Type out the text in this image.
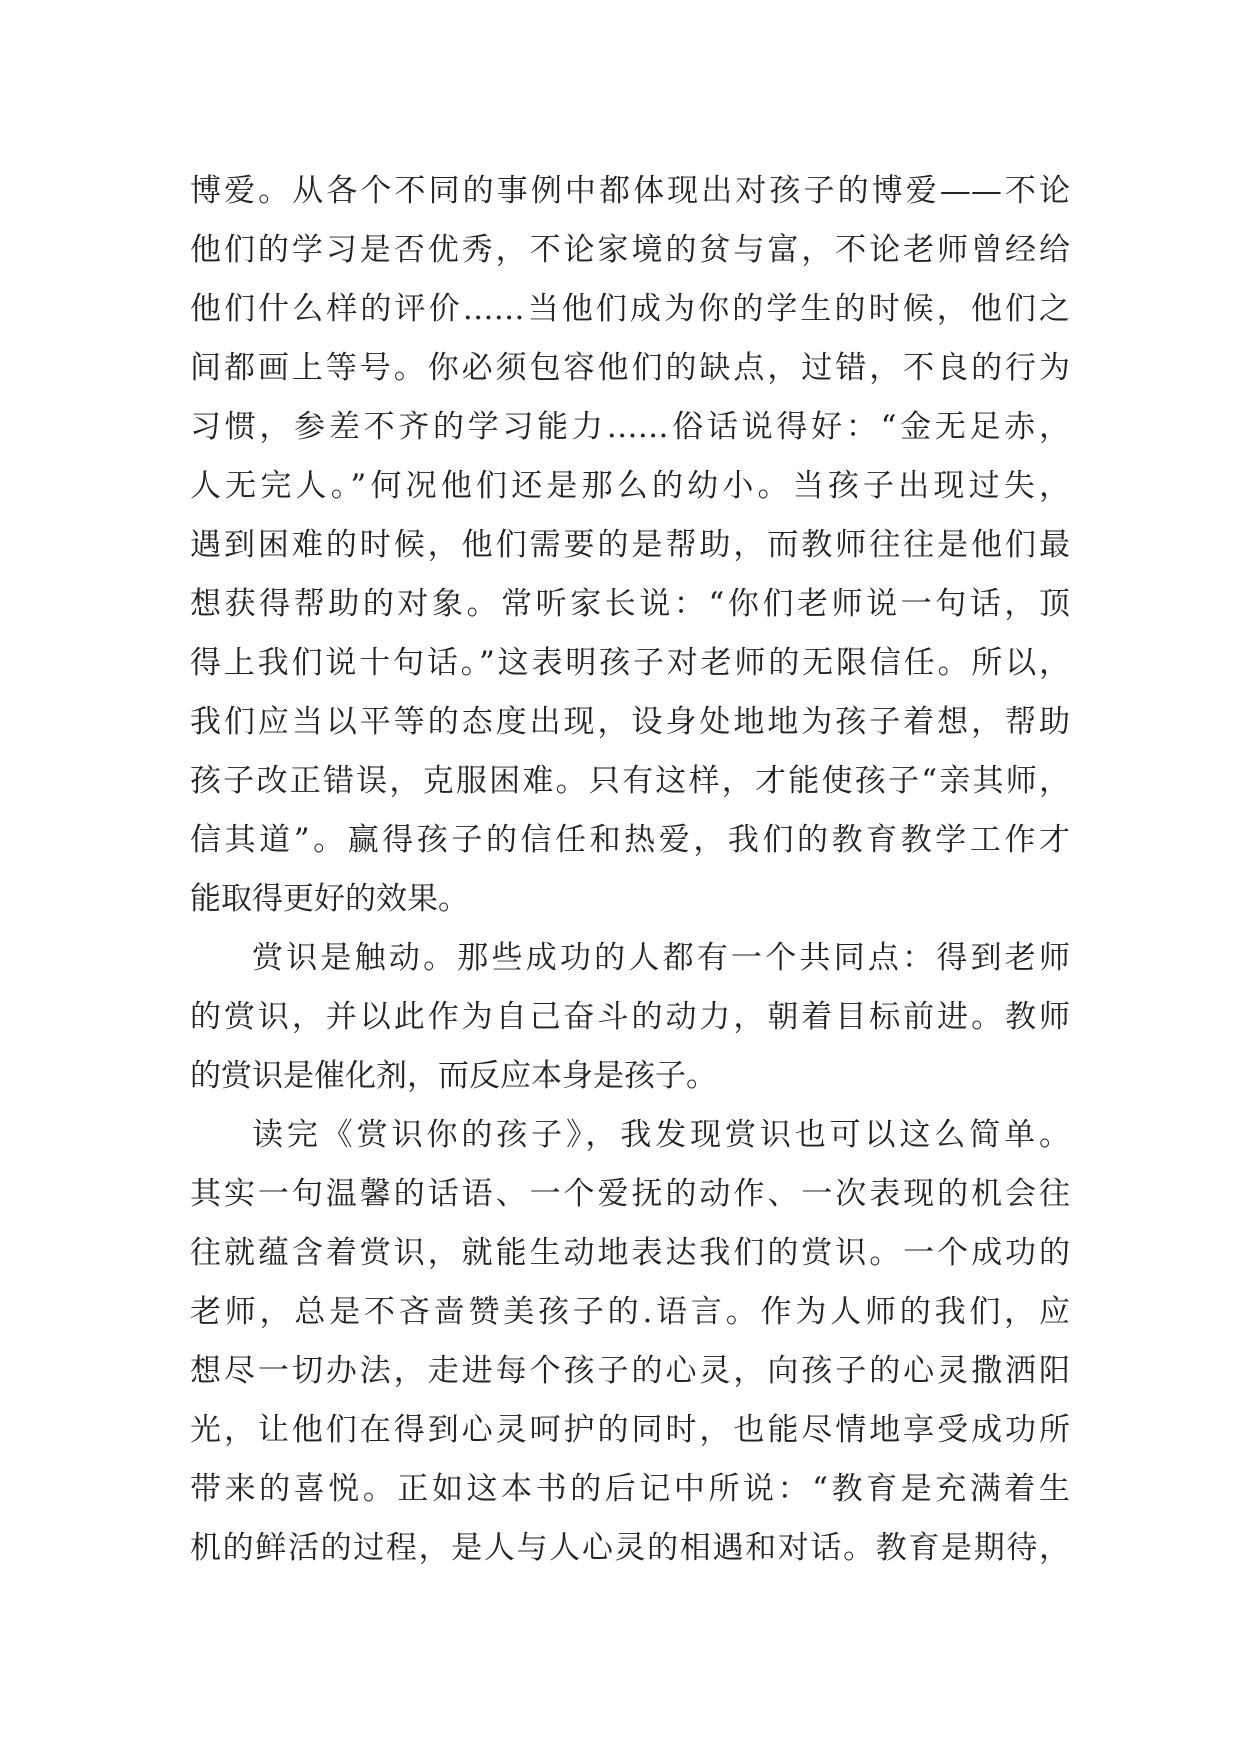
博爱。从各个不同的事例中都体现出对孩子的博爱——不论
他们的学习是否优秀，不论家境的贫与富，不论老师曾经给
他们什么样的评价……当他们成为你的学生的时候，他们之
间都画上等号。你必须包容他们的缺点，过错，不良的行为
习惯，参差不齐的学习能力……俗话说得好：“金无足赤，
人无完人。”何况他们还是那么的幼小。当孩子出现过失，
遇到困难的时候，他们需要的是帮助，而教师往往是他们最
想获得帮助的对象。常听家长说：“你们老师说一句话，顶
得上我们说十句话。”这表明孩子对老师的无限信任。所以，
我们应当以平等的态度出现，设身处地地为孩子着想，帮助
孩子改正错误，克服困难。只有这样，才能使孩子“亲其师，
信其道”。赢得孩子的信任和热爱，我们的教育教学工作才
能取得更好的效果。
赏识是触动。那些成功的人都有一个共同点：得到老师
的赏识，并以此作为自己奋斗的动力，朝着目标前进。教师
的赏识是催化剂，而反应本身是孩子。
读完《赏识你的孩子》，我发现赏识也可以这么简单。
其实一句温馨的话语、一个爱抚的动作、一次表现的机会往
往就蕴含着赏识，就能生动地表达我们的赏识。一个成功的
老师，总是不吝啬赞美孩子的.语言。作为人师的我们，应
想尽一切办法，走进每个孩子的心灵，向孩子的心灵撒洒阳
光，让他们在得到心灵呵护的同时，也能尽情地享受成功所
带来的喜悦。正如这本书的后记中所说：“教育是充满着生
机的鲜活的过程，是人与人心灵的相遇和对话。教育是期待，
